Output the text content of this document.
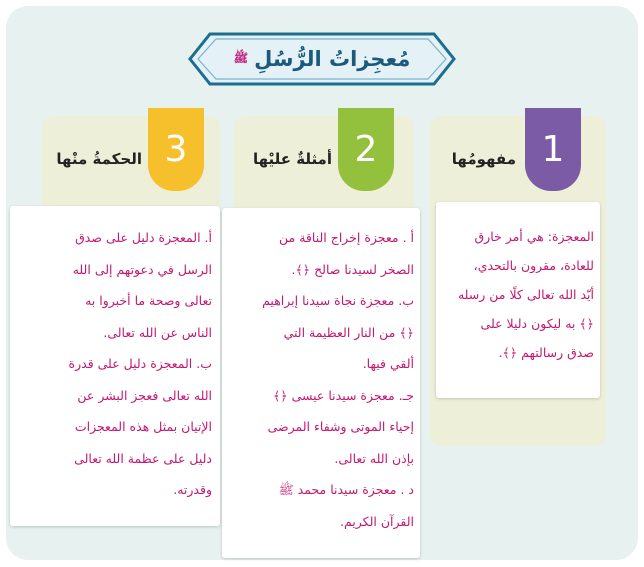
مُعجِزاتُ الرُّسُلِ
ﷺ
1
مفهومُها
المعجزة: هي أمر خارق
للعادة، مقرون بالتحدي،
أيّد الله تعالى كلًا من رسله
﴿﴾ به ليكون دليلا على
صدق رسالتهم ﴿﴾.
2
أمثلةٌ عليْها
أ . معجزة إخراج الناقة من
الصخر لسيدنا صالح ﴿﴾.
ب. معجزة نجاة سيدنا إبراهيم
﴿﴾ من النار العظيمة التي
ألقي فيها.
جـ. معجزة سيدنا عيسى ﴿﴾
إحياء الموتى وشفاء المرضى
بإذن الله تعالى.
د . معجزة سيدنا محمد ﷺ
القرآن الكريم.
3
الحكمةُ منْها
أ. المعجزة دليل على صدق
الرسل في دعوتهم إلى الله
تعالى وصحة ما أخبروا به
الناس عن الله تعالى.
ب. المعجزة دليل على قدرة
الله تعالى فعجز البشر عن
الإتيان بمثل هذه المعجزات
دليل على عظمة الله تعالى
وقدرته.
